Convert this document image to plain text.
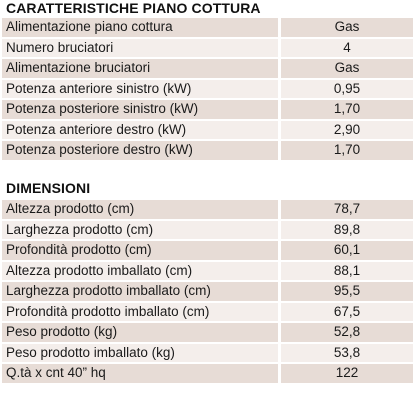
CARATTERISTICHE PIANO COTTURA
Alimentazione piano cottura	Gas
Numero bruciatori	4
Alimentazione bruciatori	Gas
Potenza anteriore sinistro (kW)	0,95
Potenza posteriore sinistro (kW)	1,70
Potenza anteriore destro (kW)	2,90
Potenza posteriore destro (kW)	1,70
DIMENSIONI
Altezza prodotto (cm)	78,7
Larghezza prodotto (cm)	89,8
Profondità prodotto (cm)	60,1
Altezza prodotto imballato (cm)	88,1
Larghezza prodotto imballato (cm)	95,5
Profondità prodotto imballato (cm)	67,5
Peso prodotto (kg)	52,8
Peso prodotto imballato (kg)	53,8
Q.tà x cnt 40” hq	122
